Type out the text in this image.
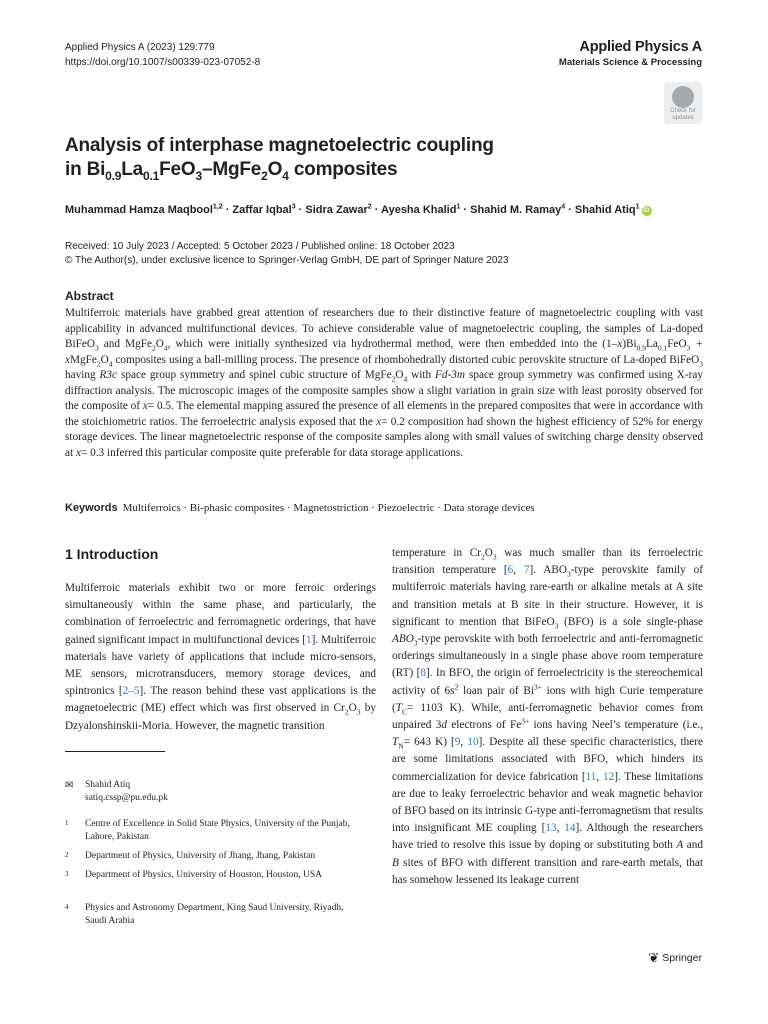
Applied Physics A (2023) 129:779
https://doi.org/10.1007/s00339-023-07052-8
Applied Physics A
Materials Science & Processing
Check for
updates
Analysis of interphase magnetoelectric coupling
in $Bi_{0.9}La_{0.1}FeO_3-MgFe_2O_4$ composites
Muhammad Hamza Maqbool$^{1,2}$ · Zaffar Iqbal$^3$ · Sidra Zawar$^2$ · Ayesha Khalid$^1$ · Shahid M. Ramay$^4$ · Shahid Atiq$^1$iD
Received: 10 July 2023 / Accepted: 5 October 2023 / Published online: 18 October 2023
© The Author(s), under exclusive licence to Springer-Verlag GmbH, DE part of Springer Nature 2023
Abstract
Multiferroic materials have grabbed great attention of researchers due to their distinctive feature of magnetoelectric coupling with vast applicability in advanced multifunctional devices. To achieve considerable value of magnetoelectric coupling, the samples of La-doped BiFeO$_3$ and $MgFe_2O_4$, which were initially synthesized via hydrothermal method, were then embedded into the $(1-x)Bi_{0.9}La_{0.1}FeO_3$ + $xMgFe_2O_4$ composites using a ball-milling process. The presence of rhombohedrally distorted cubic perovskite structure of La-doped BiFeO$_3$ having R3c space group symmetry and spinel cubic structure of $MgFe_2O_4$ with Fd-3m space group symmetry was confirmed using X-ray diffraction analysis. The microscopic images of the composite samples show a slight variation in grain size with least porosity observed for the composite of x= 0.5. The elemental mapping assured the presence of all elements in the prepared composites that were in accordance with the stoichiometric ratios. The ferroelectric analysis exposed that the x= 0.2 composition had shown the highest efficiency of 52% for energy storage devices. The linear magnetoelectric response of the composite samples along with small values of switching charge density observed at x= 0.3 inferred this particular composite quite preferable for data storage applications.
Keywords Multiferroics · Bi-phasic composites · Magnetostriction · Piezoelectric · Data storage devices
1 Introduction
Multiferroic materials exhibit two or more ferroic orderings simultaneously within the same phase, and particularly, the combination of ferroelectric and ferromagnetic orderings, that have gained significant impact in multifunctional devices [1]. Multiferroic materials have variety of applications that include micro-sensors, ME sensors, microtransducers, memory storage devices, and spintronics [2–5]. The reason behind these vast applications is the magnetoelectric (ME) effect which was first observed in $Cr_2O_3$ by Dzyalonshinskii-Moria. However, the magnetic transition
temperature in $Cr_2O_3$ was much smaller than its ferroelectric transition temperature [6, 7]. $ABO_3$-type perovskite family of multiferroic materials having rare-earth or alkaline metals at A site and transition metals at B site in their structure. However, it is significant to mention that BiFeO$_3$ (BFO) is a sole single-phase $ABO_3$-type perovskite with both ferroelectric and anti-ferromagnetic orderings simultaneously in a single phase above room temperature (RT) [8]. In BFO, the origin of ferroelectricity is the stereochemical activity of $6s^2$ loan pair of $Bi^{3+}$ ions with high Curie temperature ($T_C= 1103$ K). While, anti-ferromagnetic behavior comes from unpaired 3d electrons of $Fe^{3+}$ ions having Neel’s temperature (i.e., $T_N= 643$ K) [9, 10]. Despite all these specific characteristics, there are some limitations associated with BFO, which hinders its commercialization for device fabrication [11, 12]. These limitations are due to leaky ferroelectric behavior and weak magnetic behavior of BFO based on its intrinsic G-type anti-ferromagnetism that results into insignificant ME coupling [13, 14]. Although the researchers have tried to resolve this issue by doping or substituting both A and B sites of BFO with different transition and rare-earth metals, that has somehow lessened its leakage current
✉ Shahid Atiq
satiq.cssp@pu.edu.pk
1 Centre of Excellence in Solid State Physics, University of the Punjab, Lahore, Pakistan
2 Department of Physics, University of Jhang, Jhang, Pakistan
3 Department of Physics, University of Houston, Houston, USA
4 Physics and Astronomy Department, King Saud University, Riyadh, Saudi Arabia
❦ Springer
